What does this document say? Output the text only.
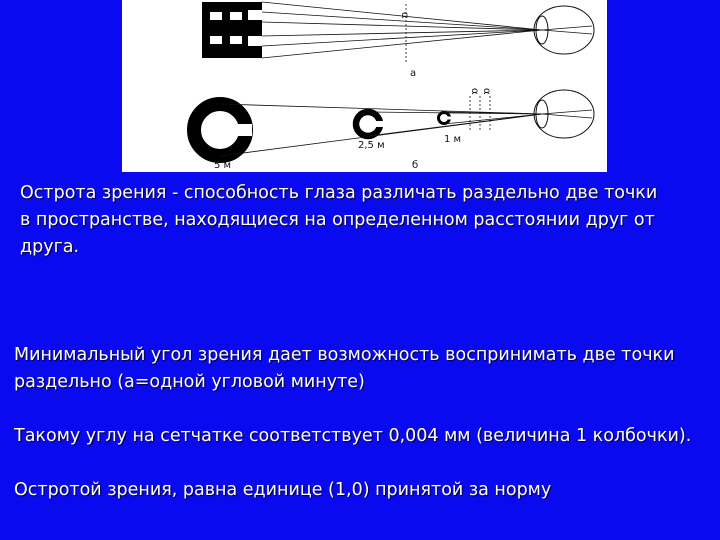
α
а
α α
5 м
2,5 м
1 м
б

Острота зрения - способность глаза различать раздельно две точки в пространстве, находящиеся на определенном расстоянии друг от друга.

Минимальный угол зрения дает возможность воспринимать две точки раздельно (а=одной угловой минуте)

Такому углу на сетчатке соответствует 0,004 мм (величина 1 колбочки).

Остротой зрения, равна единице (1,0) принятой за норму
